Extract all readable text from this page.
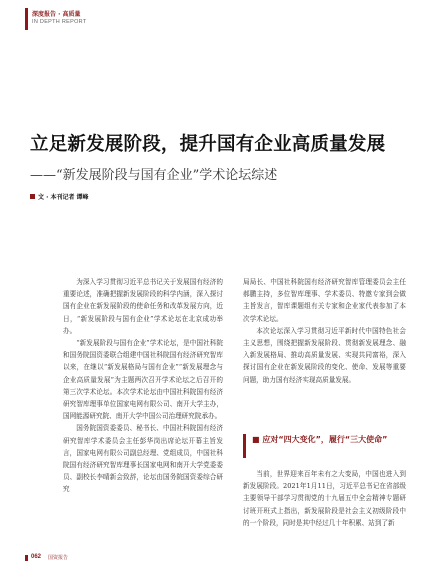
深度报告 · 高质量
IN DEPTH REPORT
立足新发展阶段，提升国有企业高质量发展
——“新发展阶段与国有企业”学术论坛综述
文 · 本刊记者 谭峰

为深入学习贯彻习近平总书记关于发展国有经济的重要论述，准确把握新发展阶段的科学内涵，深入探讨国有企业在新发展阶段的使命任务和改革发展方向，近日，“新发展阶段与国有企业”学术论坛在北京成功举办。

“新发展阶段与国有企业”学术论坛，是中国社科院和国务院国资委联合组建中国社科院国有经济研究智库以来，在继以“新发展格局与国有企业”“新发展理念与企业高质量发展”为主题两次召开学术论坛之后召开的第三次学术论坛。本次学术论坛由中国社科院国有经济研究智库理事单位国家电网有限公司、南开大学主办，国网能源研究院、南开大学中国公司治理研究院承办。

国务院国资委委员、秘书长、中国社科院国有经济研究智库学术委员会主任彭华岗出席论坛开幕主旨发言，国家电网有限公司副总经理、党组成员，中国社科院国有经济研究智库理事长国家电网和南开大学党委委员、副校长李晴新会致辞，论坛由国务院国资委综合研究

局局长、中国社科院国有经济研究智库管理委员会主任郝鹏主持，多位智库理事、学术委员、特邀专家到会做主旨发言，智库课题组有关专家和企业家代表参加了本次学术论坛。

本次论坛深入学习贯彻习近平新时代中国特色社会主义思想，围绕把握新发展阶段、贯彻新发展理念、融入新发展格局、推动高质量发展、实现共同富裕，深入探讨国有企业在新发展阶段的变化、使命、发展等重要问题，助力国有经济实现高质量发展。

■ 应对“四大变化”，履行“三大使命”

当前，世界迎来百年未有之大变局，中国也进入到新发展阶段。2021年1月11日，习近平总书记在省部级主要领导干部学习贯彻党的十九届五中全会精神专题研讨班开班式上指出，新发展阶段是社会主义初级阶段中的一个阶段，同时是其中经过几十年积累、站到了新

062 国资报告
